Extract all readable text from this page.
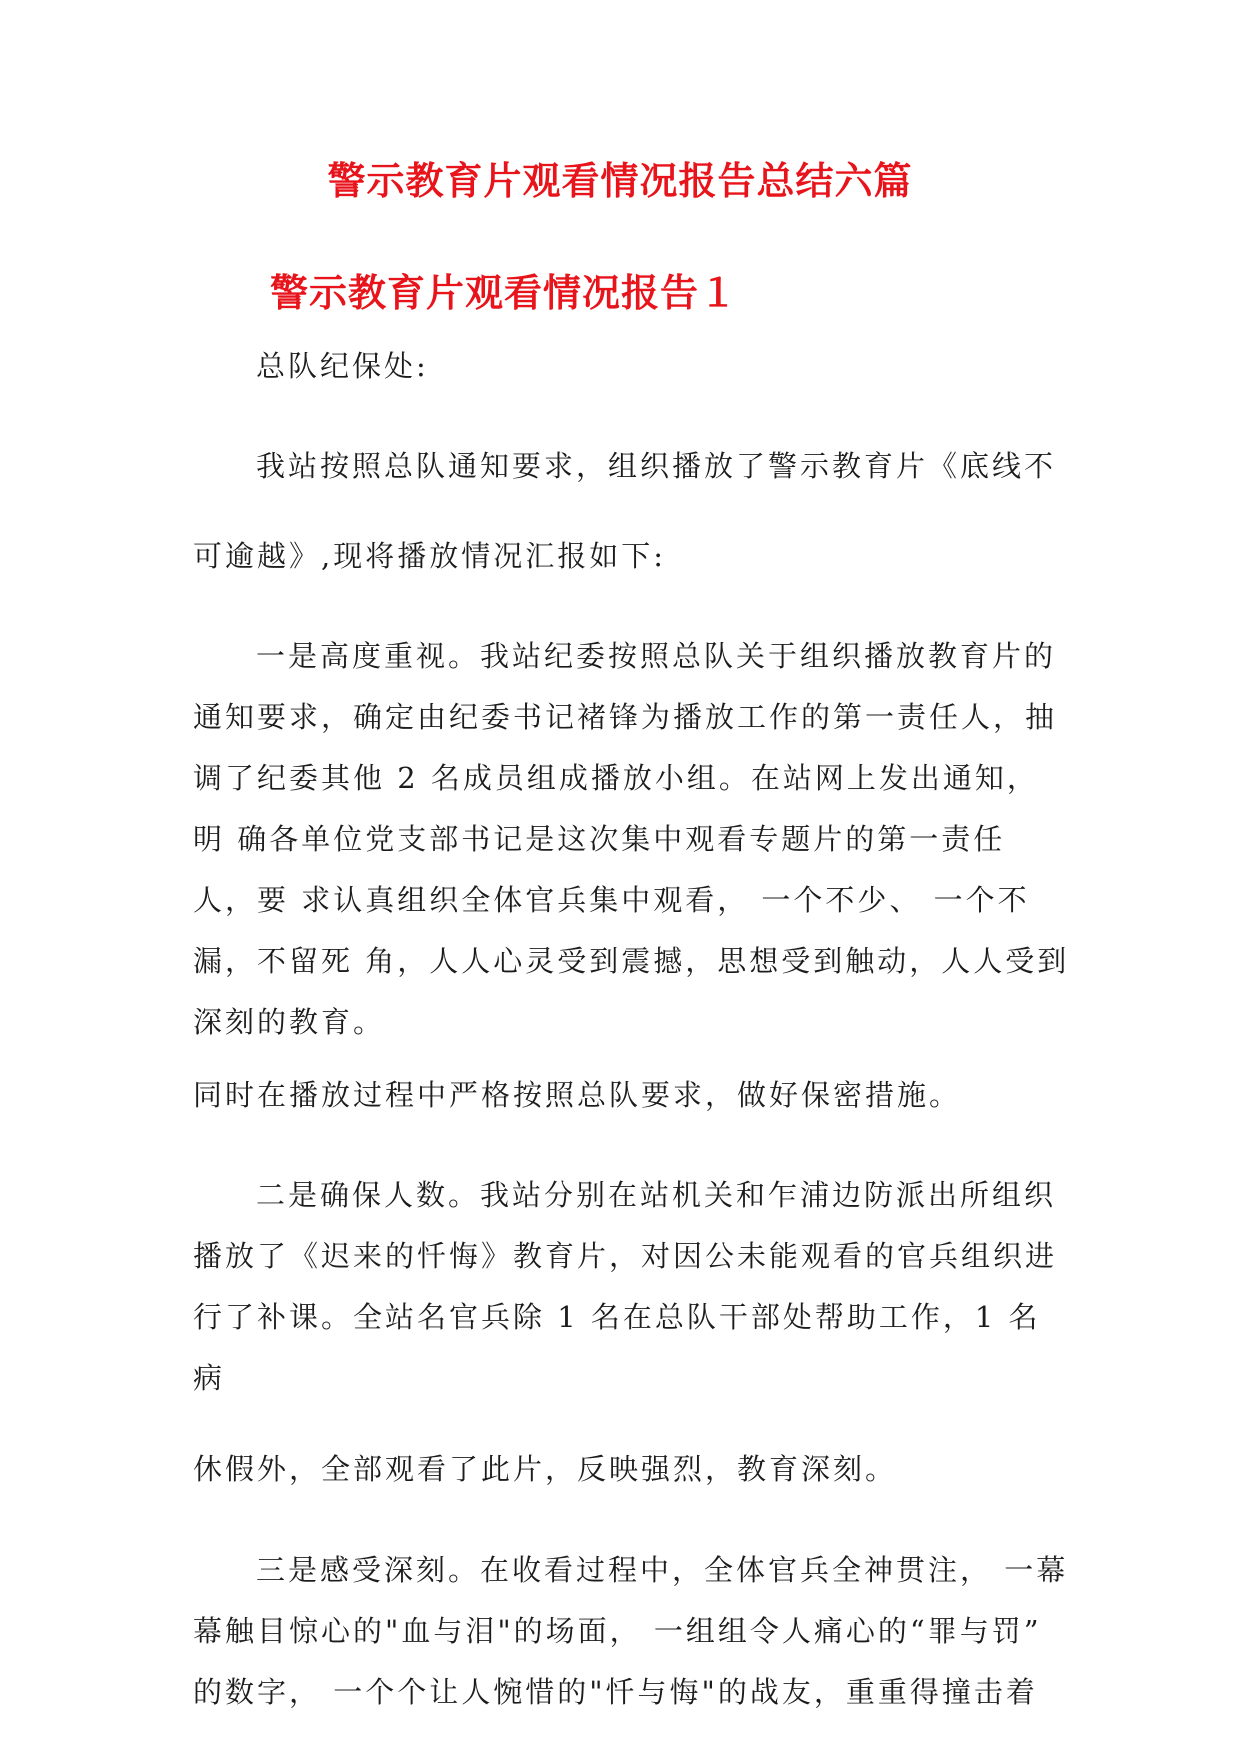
警示教育片观看情况报告总结六篇
警示教育片观看情况报告１
总队纪保处:
我站按照总队通知要求，组织播放了警示教育片《底线不
可逾越》,现将播放情况汇报如下:
一是高度重视。我站纪委按照总队关于组织播放教育片的
通知要求，确定由纪委书记褚锋为播放工作的第一责任人，抽
调了纪委其他 2 名成员组成播放小组。在站网上发出通知，
明 确各单位党支部书记是这次集中观看专题片的第一责任
人，要 求认真组织全体官兵集中观看， 一个不少、 一个不
漏，不留死 角，人人心灵受到震撼，思想受到触动，人人受到
深刻的教育。
同时在播放过程中严格按照总队要求，做好保密措施。
二是确保人数。我站分别在站机关和乍浦边防派出所组织
播放了《迟来的忏悔》教育片，对因公未能观看的官兵组织进
行了补课。全站名官兵除 1 名在总队干部处帮助工作，1 名
病
休假外，全部观看了此片，反映强烈，教育深刻。
三是感受深刻。在收看过程中，全体官兵全神贯注， 一幕
幕触目惊心的"血与泪"的场面， 一组组令人痛心的“罪与罚”
的数字， 一个个让人惋惜的"忏与悔"的战友，重重得撞击着
